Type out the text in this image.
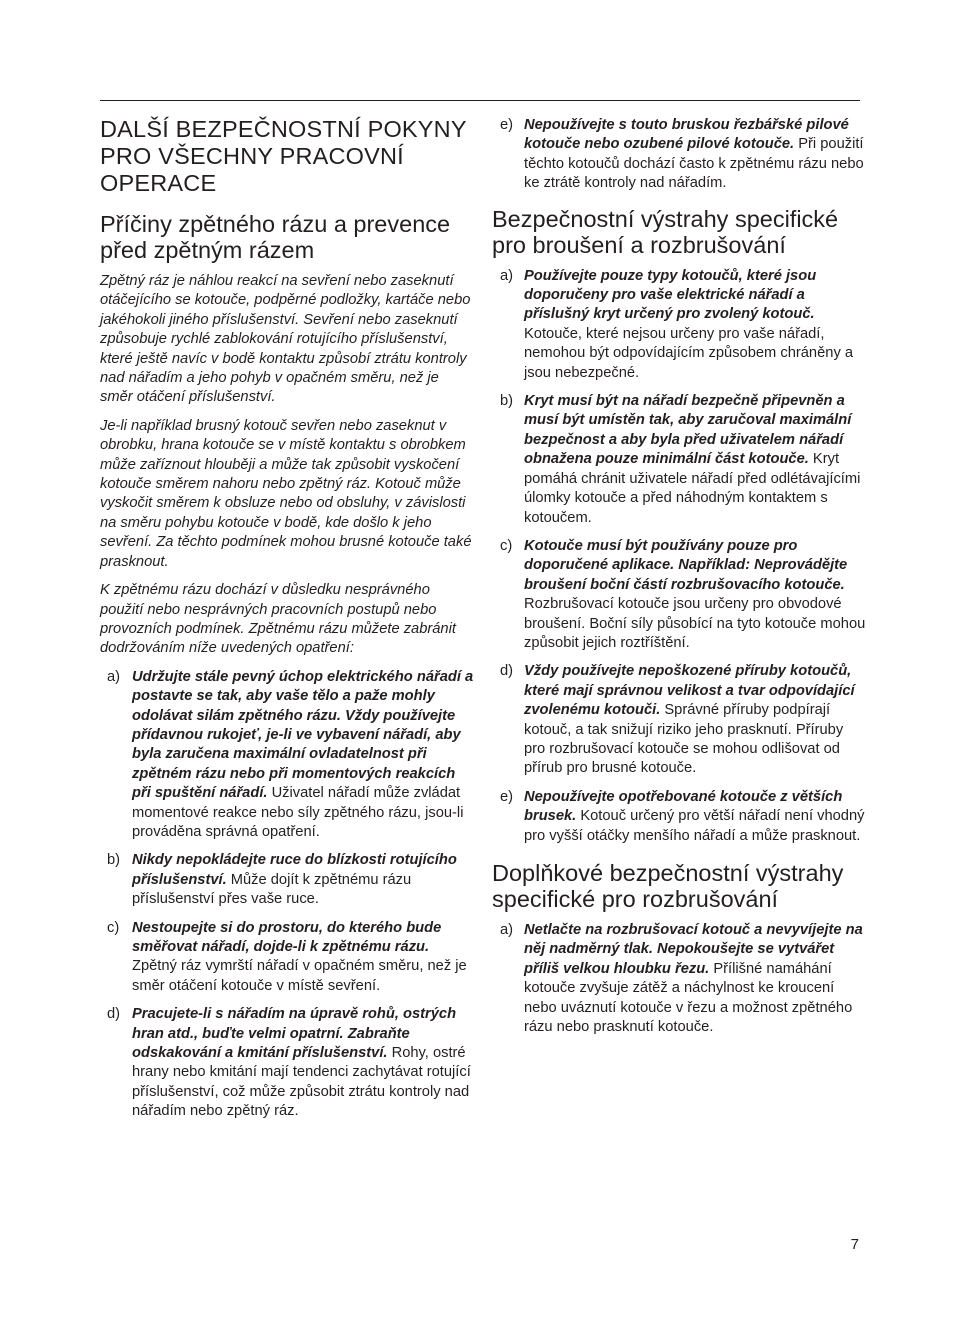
DALŠÍ BEZPEČNOSTNÍ POKYNY PRO VŠECHNY PRACOVNÍ OPERACE
Příčiny zpětného rázu a prevence před zpětným rázem

Zpětný ráz je náhlou reakcí na sevření nebo zaseknutí otáčejícího se kotouče, podpěrné podložky, kartáče nebo jakéhokoli jiného příslušenství. Sevření nebo zaseknutí způsobuje rychlé zablokování rotujícího příslušenství, které ještě navíc v bodě kontaktu způsobí ztrátu kontroly nad nářadím a jeho pohyb v opačném směru, než je směr otáčení příslušenství.

Je-li například brusný kotouč sevřen nebo zaseknut v obrobku, hrana kotouče se v místě kontaktu s obrobkem může zaříznout hlouběji a může tak způsobit vyskočení kotouče směrem nahoru nebo zpětný ráz. Kotouč může vyskočit směrem k obsluze nebo od obsluhy, v závislosti na směru pohybu kotouče v bodě, kde došlo k jeho sevření. Za těchto podmínek mohou brusné kotouče také prasknout.

K zpětnému rázu dochází v důsledku nesprávného použití nebo nesprávných pracovních postupů nebo provozních podmínek. Zpětnému rázu můžete zabránit dodržováním níže uvedených opatření:

a) Udržujte stále pevný úchop elektrického nářadí a postavte se tak, aby vaše tělo a paže mohly odolávat silám zpětného rázu. Vždy používejte přídavnou rukojeť, je-li ve vybavení nářadí, aby byla zaručena maximální ovladatelnost při zpětném rázu nebo při momentových reakcích při spuštění nářadí. Uživatel nářadí může zvládat momentové reakce nebo síly zpětného rázu, jsou-li prováděna správná opatření.
b) Nikdy nepokládejte ruce do blízkosti rotujícího příslušenství. Může dojít k zpětnému rázu příslušenství přes vaše ruce.
c) Nestoupejte si do prostoru, do kterého bude směřovat nářadí, dojde-li k zpětnému rázu. Zpětný ráz vymrští nářadí v opačném směru, než je směr otáčení kotouče v místě sevření.
d) Pracujete-li s nářadím na úpravě rohů, ostrých hran atd., buďte velmi opatrní. Zabraňte odskakování a kmitání příslušenství. Rohy, ostré hrany nebo kmitání mají tendenci zachytávat rotující příslušenství, což může způsobit ztrátu kontroly nad nářadím nebo zpětný ráz.
e) Nepoužívejte s touto bruskou řezbářské pilové kotouče nebo ozubené pilové kotouče. Při použití těchto kotoučů dochází často k zpětnému rázu nebo ke ztrátě kontroly nad nářadím.
Bezpečnostní výstrahy specifické pro broušení a rozbrušování
a) Používejte pouze typy kotoučů, které jsou doporučeny pro vaše elektrické nářadí a příslušný kryt určený pro zvolený kotouč. Kotouče, které nejsou určeny pro vaše nářadí, nemohou být odpovídajícím způsobem chráněny a jsou nebezpečné.
b) Kryt musí být na nářadí bezpečně připevněn a musí být umístěn tak, aby zaručoval maximální bezpečnost a aby byla před uživatelem nářadí obnažena pouze minimální část kotouče. Kryt pomáhá chránit uživatele nářadí před odlétávajícími úlomky kotouče a před náhodným kontaktem s kotoučem.
c) Kotouče musí být používány pouze pro doporučené aplikace. Například: Neprovádějte broušení boční částí rozbrušovacího kotouče. Rozbrušovací kotouče jsou určeny pro obvodové broušení. Boční síly působící na tyto kotouče mohou způsobit jejich roztříštění.
d) Vždy používejte nepoškozené příruby kotoučů, které mají správnou velikost a tvar odpovídající zvolenému kotouči. Správné příruby podpírají kotouč, a tak snižují riziko jeho prasknutí. Příruby pro rozbrušovací kotouče se mohou odlišovat od přírub pro brusné kotouče.
e) Nepoužívejte opotřebované kotouče z větších brusek. Kotouč určený pro větší nářadí není vhodný pro vyšší otáčky menšího nářadí a může prasknout.
Doplňkové bezpečnostní výstrahy specifické pro rozbrušování
a) Netlačte na rozbrušovací kotouč a nevyvíjejte na něj nadměrný tlak. Nepokoušejte se vytvářet příliš velkou hloubku řezu. Přílišné namáhání kotouče zvyšuje zátěž a náchylnost ke kroucení nebo uváznutí kotouče v řezu a možnost zpětného rázu nebo prasknutí kotouče.
7
